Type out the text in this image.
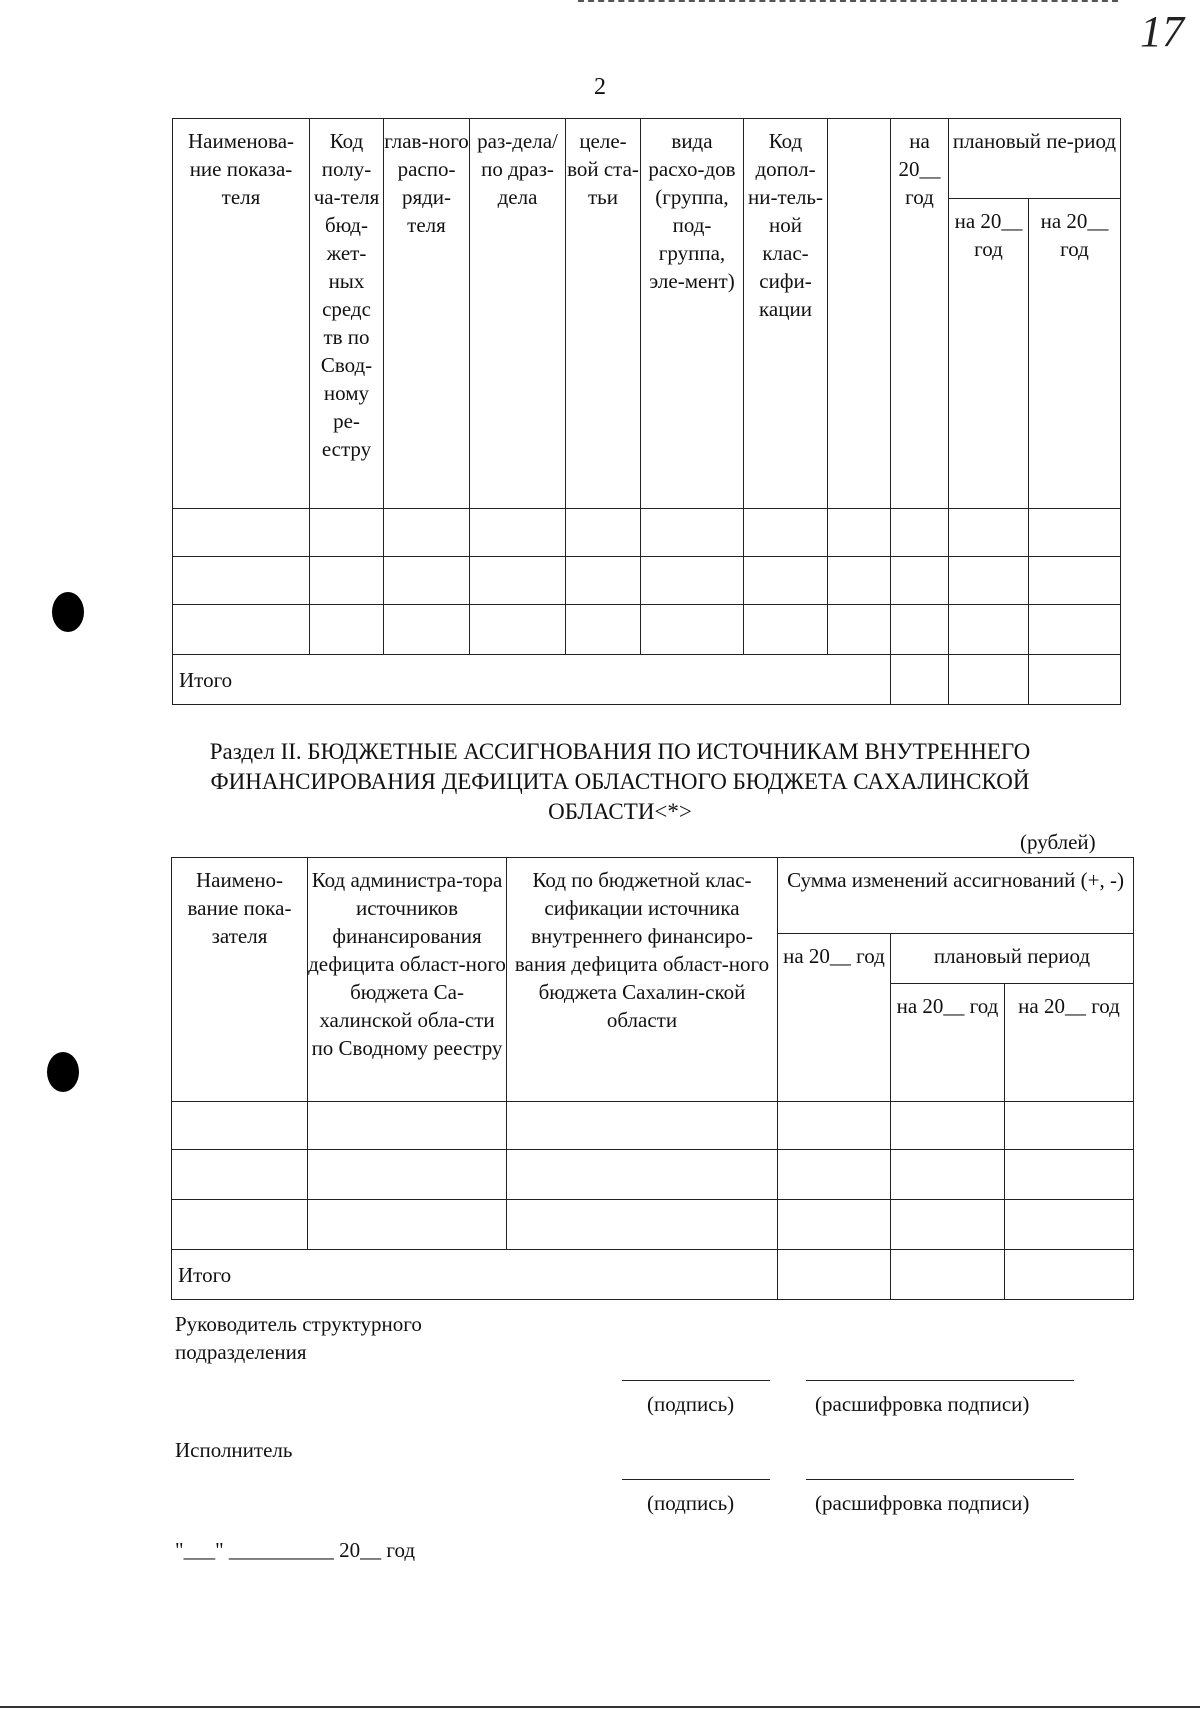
17
2
Наименова-ние показа-теля	Код полу-ча-теля бюд-жет-ных средс тв по Свод-ному ре-естру	глав-ного распо-ряди-теля	раз-дела/по драз-дела	целе-вой ста-тьи	вида расхо-дов (группа, под-группа, эле-мент)	Код допол-ни-тель-ной клас-сифи-кации		на 20__ год	плановый пе-риод	
									на 20__ год	на 20__ год

Итого										
Раздел II. БЮДЖЕТНЫЕ АССИГНОВАНИЯ ПО ИСТОЧНИКАМ ВНУТРЕННЕГО
ФИНАНСИРОВАНИЯ ДЕФИЦИТА ОБЛАСТНОГО БЮДЖЕТА САХАЛИНСКОЙ
ОБЛАСТИ<*>
(рублей)
Наимено-вание пока-зателя	Код администра-тора источников финансирования дефицита област-ного бюджета Са-халинской обла-сти по Сводному реестру	Код по бюджетной клас-сификации источника внутреннего финансиро-вания дефицита област-ного бюджета Сахалин-ской области	Сумма изменений ассигнований (+, -)		
			на 20__ год	плановый период	
				на 20__ год	на 20__ год

Итого					
Руководитель структурного подразделения
(подпись)	(расшифровка подписи)
Исполнитель
(подпись)	(расшифровка подписи)
"___" __________ 20__ год
